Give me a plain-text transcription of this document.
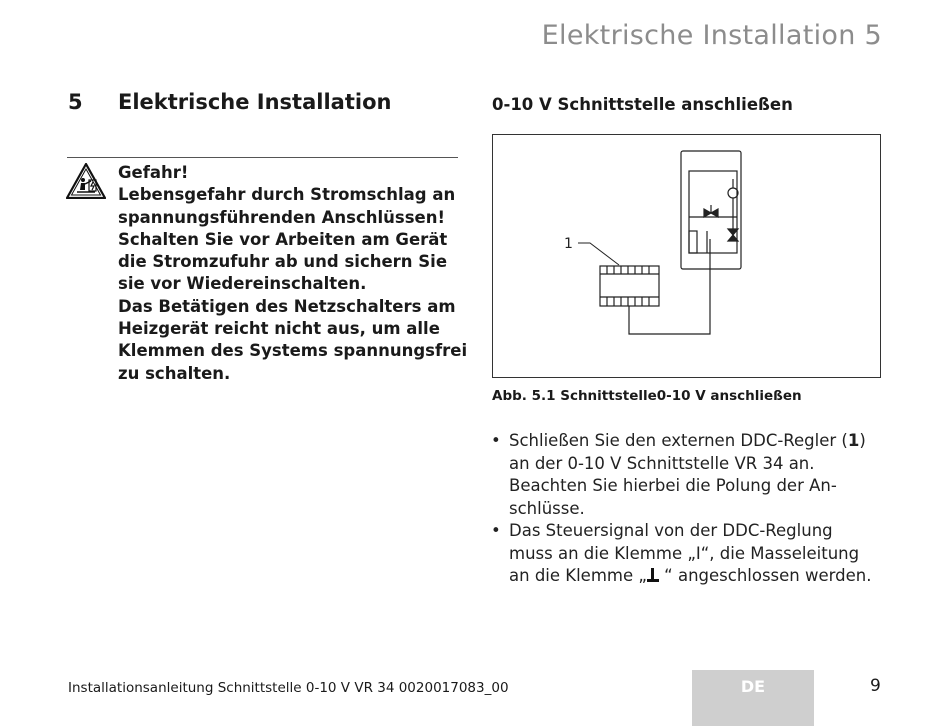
Elektrische Installation 5
5 Elektrische Installation
Gefahr!
Lebensgefahr durch Stromschlag an
spannungsführenden Anschlüssen!
Schalten Sie vor Arbeiten am Gerät
die Stromzufuhr ab und sichern Sie
sie vor Wiedereinschalten.
Das Betätigen des Netzschalters am
Heizgerät reicht nicht aus, um alle
Klemmen des Systems spannungsfrei
zu schalten.
0-10 V Schnittstelle anschließen
1
Abb. 5.1 Schnittstelle0-10 V anschließen
• Schließen Sie den externen DDC-Regler (1)
an der 0-10 V Schnittstelle VR 34 an.
Beachten Sie hierbei die Polung der An-
schlüsse.
• Das Steuersignal von der DDC-Reglung
muss an die Klemme „I“, die Masseleitung
an die Klemme „ “ angeschlossen werden.
Installationsanleitung Schnittstelle 0-10 V VR 34 0020017083_00	DE	9
